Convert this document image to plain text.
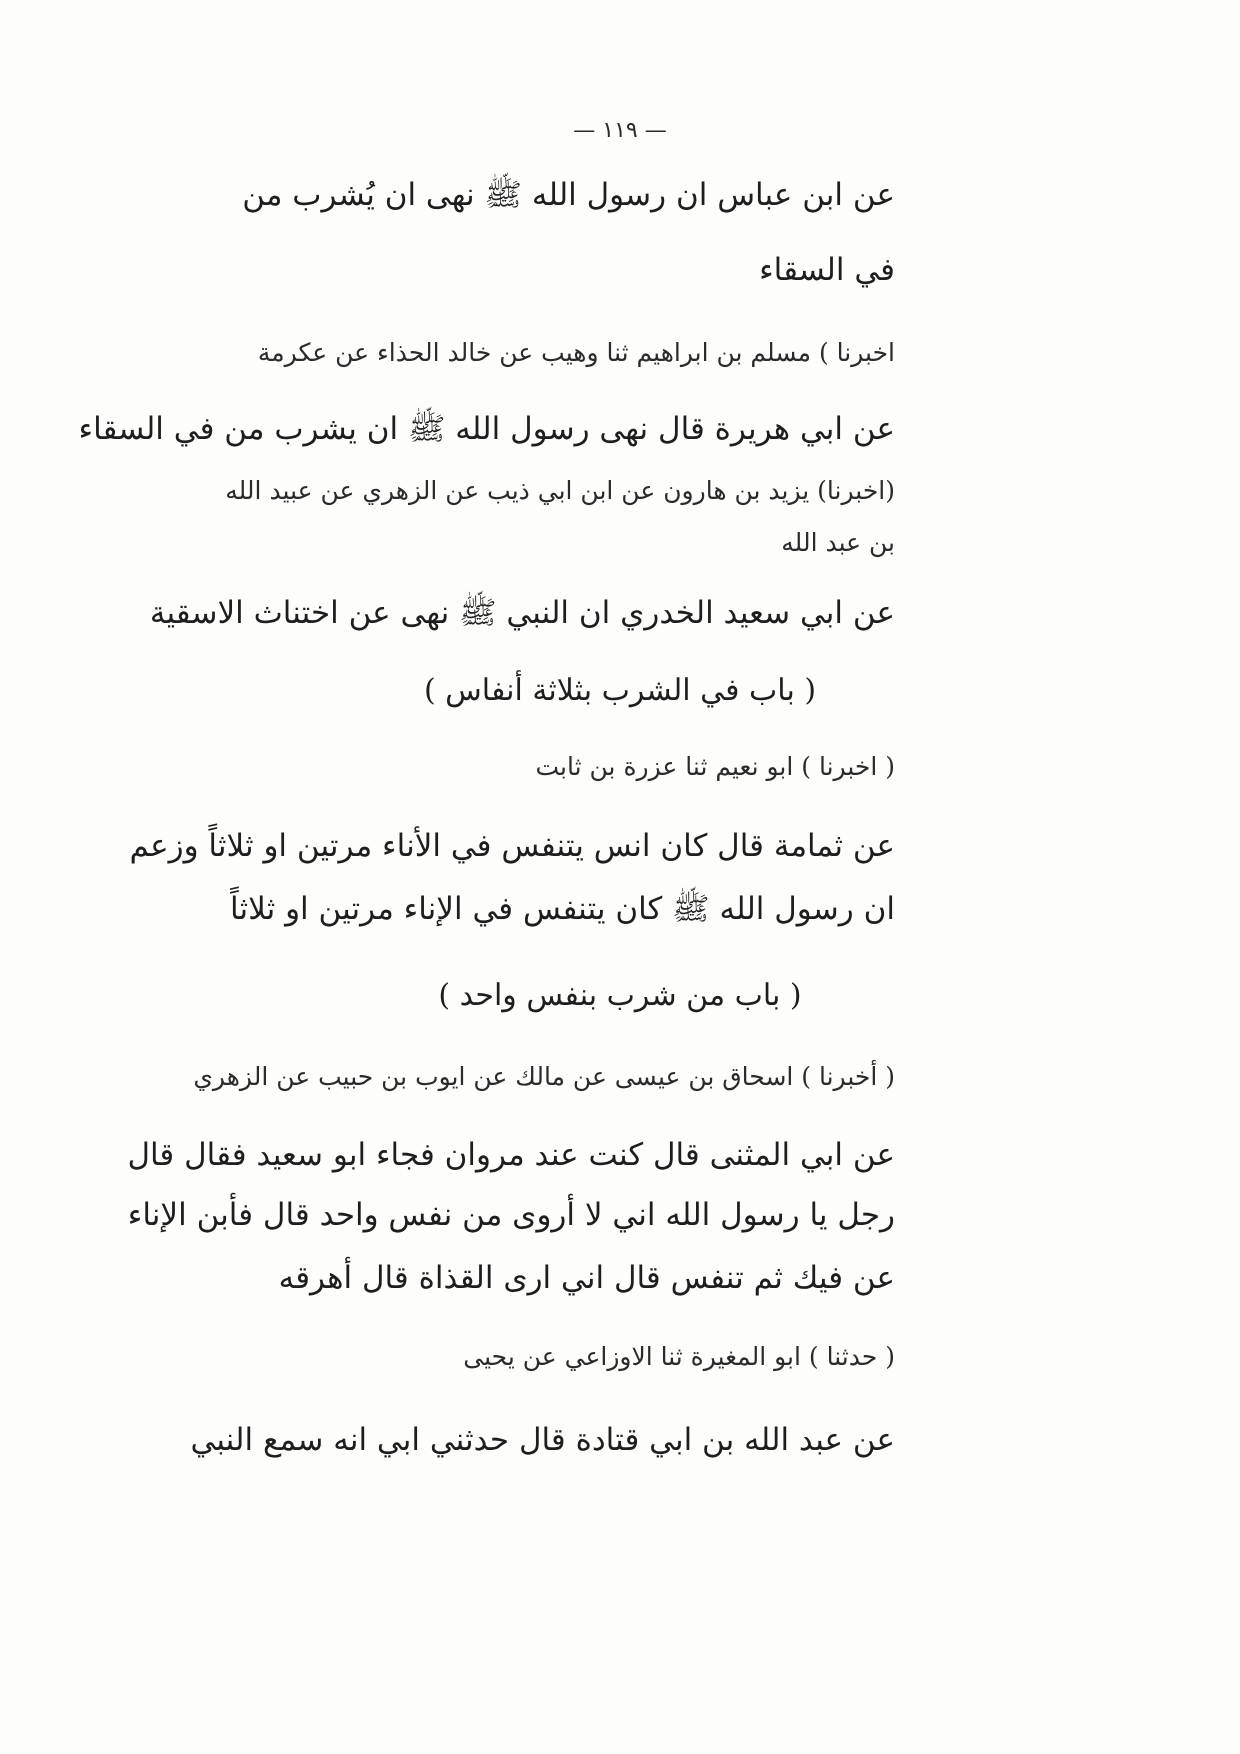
— ١١٩ —
عن ابن عباس ان رسول الله ﷺ نهى ان يُشرب من
في السقاء
اخبرنا ) مسلم بن ابراهيم ثنا وهيب عن خالد الحذاء عن عكرمة
عن ابي هريرة قال نهى رسول الله ﷺ ان يشرب من في السقاء
(اخبرنا) يزيد بن هارون عن ابن ابي ذيب عن الزهري عن عبيد الله
بن عبد الله
عن ابي سعيد الخدري ان النبي ﷺ نهى عن اختناث الاسقية
( باب في الشرب بثلاثة أنفاس )
( اخبرنا ) ابو نعيم ثنا عزرة بن ثابت
عن ثمامة قال كان انس يتنفس في الأناء مرتين او ثلاثاً وزعم
ان رسول الله ﷺ كان يتنفس في الإناء مرتين او ثلاثاً
( باب من شرب بنفس واحد )
( أخبرنا ) اسحاق بن عيسى عن مالك عن ايوب بن حبيب عن الزهري
عن ابي المثنى قال كنت عند مروان فجاء ابو سعيد فقال قال
رجل يا رسول الله اني لا أروى من نفس واحد قال فأبن الإناء
عن فيك ثم تنفس قال اني ارى القذاة قال أهرقه
( حدثنا ) ابو المغيرة ثنا الاوزاعي عن يحيى
عن عبد الله بن ابي قتادة قال حدثني ابي انه سمع النبي
